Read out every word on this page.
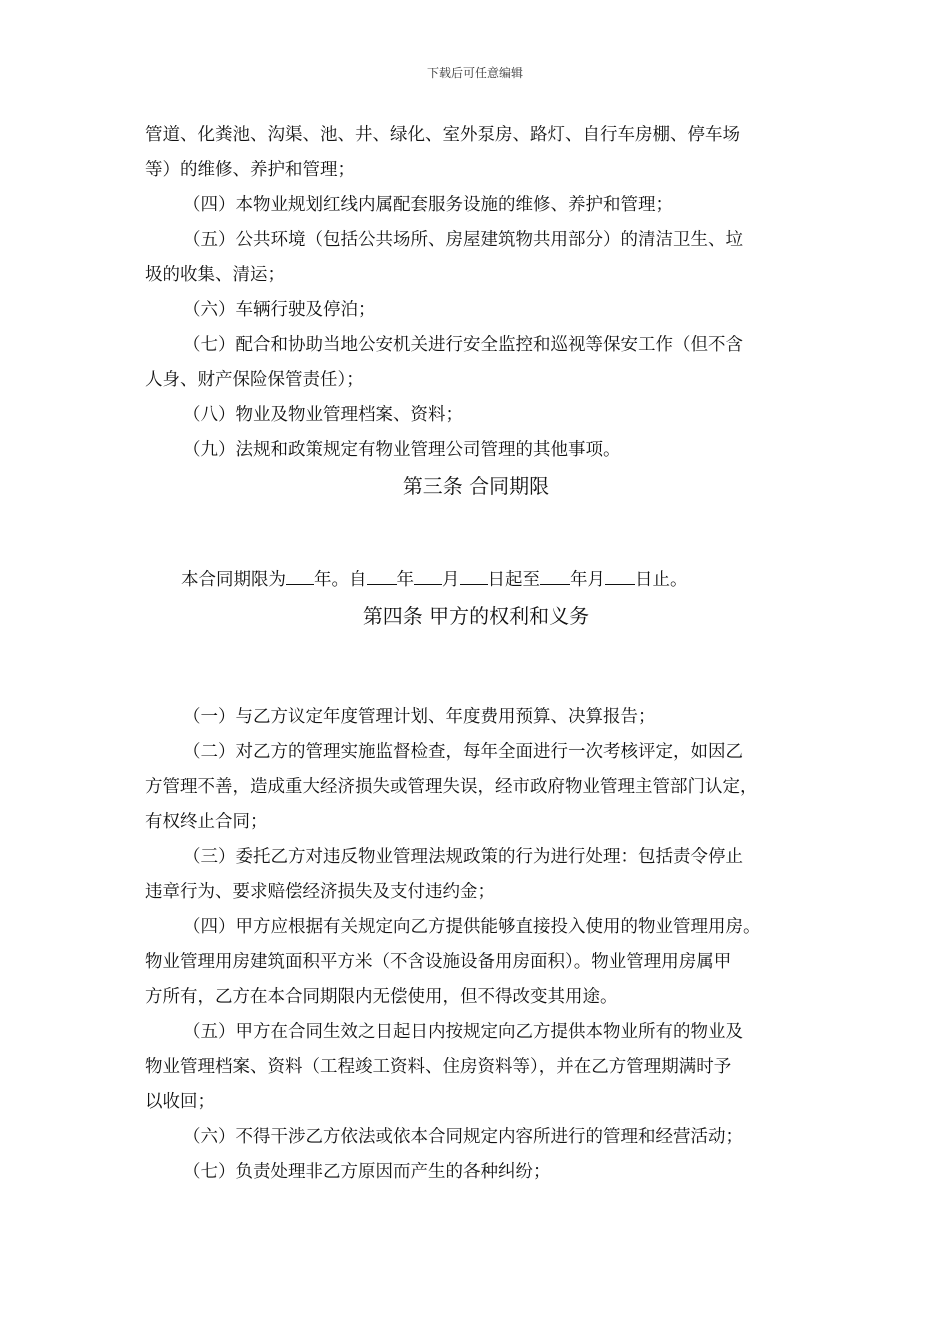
下载后可任意编辑

管道、化粪池、沟渠、池、井、绿化、室外泵房、路灯、自行车房棚、停车场

等）的维修、养护和管理；

（四）本物业规划红线内属配套服务设施的维修、养护和管理；

（五）公共环境（包括公共场所、房屋建筑物共用部分）的清洁卫生、垃

圾的收集、清运；

（六）车辆行驶及停泊；

（七）配合和协助当地公安机关进行安全监控和巡视等保安工作（但不含

人身、财产保险保管责任）；

（八）物业及物业管理档案、资料；

（九）法规和政策规定有物业管理公司管理的其他事项。

第三条 合同期限

本合同期限为 年。自 年 月 日起至 年月 日止。

第四条 甲方的权利和义务

（一）与乙方议定年度管理计划、年度费用预算、决算报告；

（二）对乙方的管理实施监督检查，每年全面进行一次考核评定，如因乙

方管理不善，造成重大经济损失或管理失误，经市政府物业管理主管部门认定，

有权终止合同；

（三）委托乙方对违反物业管理法规政策的行为进行处理：包括责令停止

违章行为、要求赔偿经济损失及支付违约金；

（四）甲方应根据有关规定向乙方提供能够直接投入使用的物业管理用房。

物业管理用房建筑面积平方米（不含设施设备用房面积）。物业管理用房属甲

方所有，乙方在本合同期限内无偿使用，但不得改变其用途。

（五）甲方在合同生效之日起日内按规定向乙方提供本物业所有的物业及

物业管理档案、资料（工程竣工资料、住房资料等），并在乙方管理期满时予

以收回；

（六）不得干涉乙方依法或依本合同规定内容所进行的管理和经营活动；

（七）负责处理非乙方原因而产生的各种纠纷；
